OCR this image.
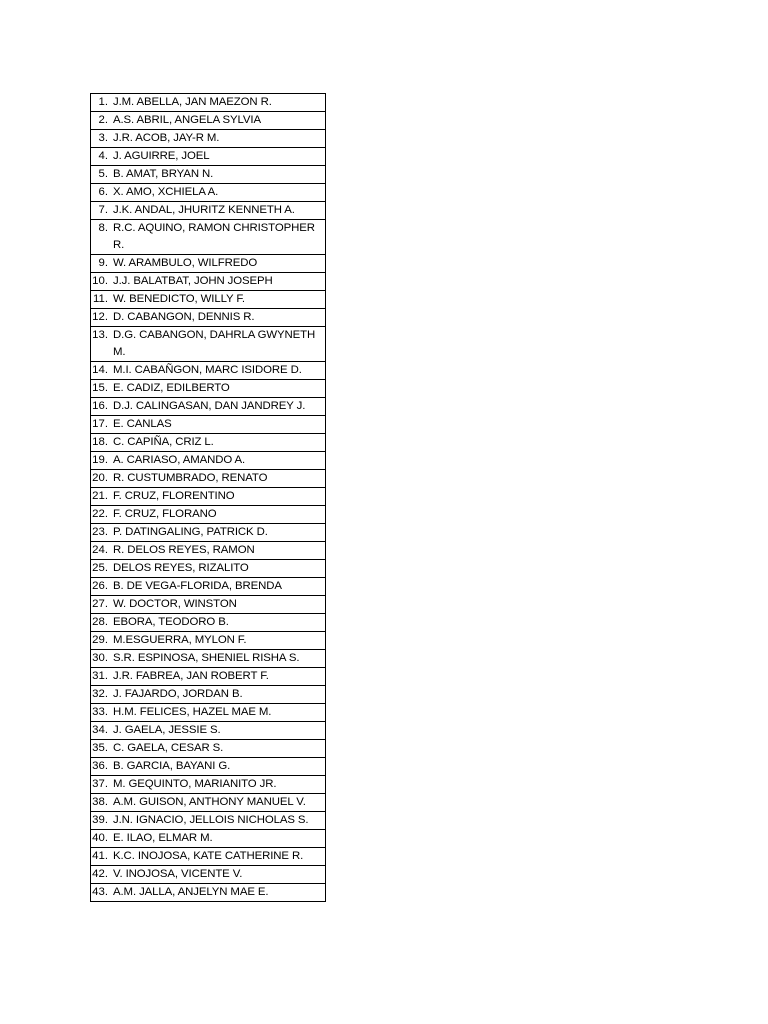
1. J.M. ABELLA, JAN MAEZON R.

2. A.S. ABRIL, ANGELA SYLVIA

3. J.R. ACOB, JAY-R M.

4. J. AGUIRRE, JOEL

5. B. AMAT, BRYAN N.

6. X. AMO, XCHIELA A.

7. J.K. ANDAL, JHURITZ KENNETH A.

8. R.C. AQUINO, RAMON CHRISTOPHER R.

9. W. ARAMBULO, WILFREDO

10. J.J. BALATBAT, JOHN JOSEPH

11. W. BENEDICTO, WILLY F.

12. D. CABANGON, DENNIS R.

13. D.G. CABANGON, DAHRLA GWYNETH M.

14. M.I. CABAÑGON, MARC ISIDORE D.

15. E. CADIZ, EDILBERTO

16. D.J. CALINGASAN, DAN JANDREY J.

17. E. CANLAS

18. C. CAPIÑA, CRIZ L.

19. A. CARIASO, AMANDO A.

20. R. CUSTUMBRADO, RENATO

21. F. CRUZ, FLORENTINO

22. F. CRUZ, FLORANO

23. P. DATINGALING, PATRICK D.

24. R. DELOS REYES, RAMON

25. DELOS REYES, RIZALITO

26. B. DE VEGA-FLORIDA, BRENDA

27. W. DOCTOR, WINSTON

28. EBORA, TEODORO B.

29. M.ESGUERRA, MYLON F.

30. S.R. ESPINOSA, SHENIEL RISHA S.

31. J.R. FABREA, JAN ROBERT F.

32. J. FAJARDO, JORDAN B.

33. H.M. FELICES, HAZEL MAE M.

34. J. GAELA, JESSIE S.

35. C. GAELA, CESAR S.

36. B. GARCIA, BAYANI G.

37. M. GEQUINTO, MARIANITO JR.

38. A.M. GUISON, ANTHONY MANUEL V.

39. J.N. IGNACIO, JELLOIS NICHOLAS S.

40. E. ILAO, ELMAR M.

41. K.C. INOJOSA, KATE CATHERINE R.

42. V. INOJOSA, VICENTE V.

43. A.M. JALLA, ANJELYN MAE E.
